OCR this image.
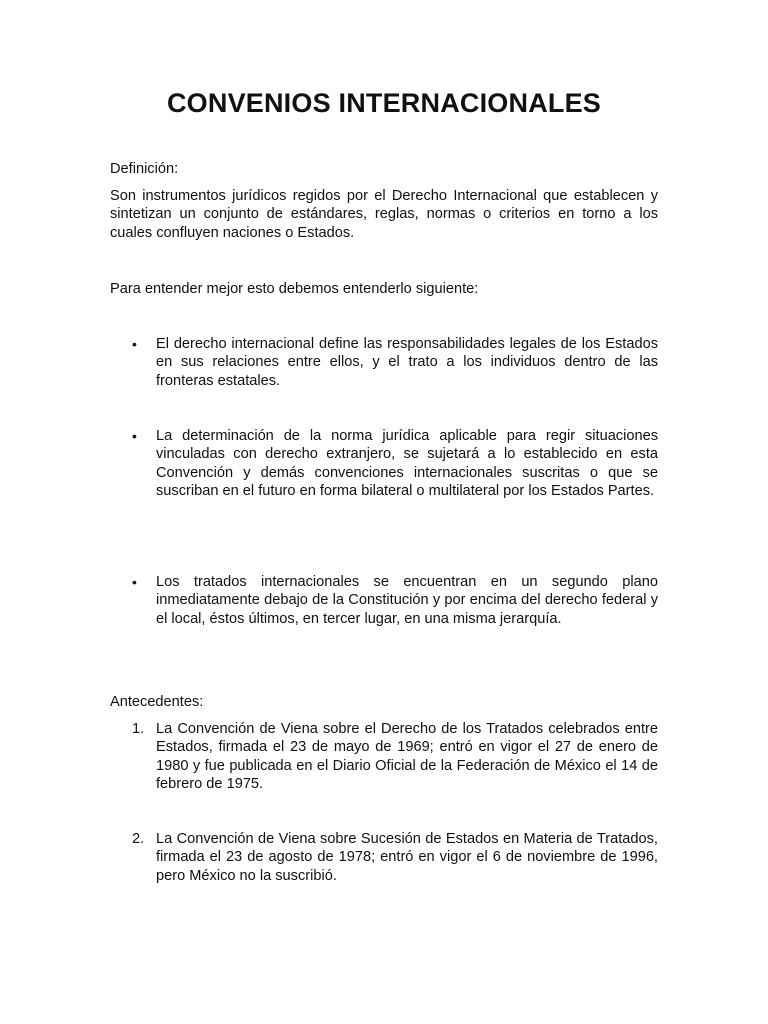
CONVENIOS INTERNACIONALES
Definición:
Son instrumentos jurídicos regidos por el Derecho Internacional que establecen y sintetizan un conjunto de estándares, reglas, normas o criterios en torno a los cuales confluyen naciones o Estados.
Para entender mejor esto debemos entenderlo siguiente:
•	El derecho internacional define las responsabilidades legales de los Estados en sus relaciones entre ellos, y el trato a los individuos dentro de las fronteras estatales.
•	La determinación de la norma jurídica aplicable para regir situaciones vinculadas con derecho extranjero, se sujetará a lo establecido en esta Convención y demás convenciones internacionales suscritas o que se suscriban en el futuro en forma bilateral o multilateral por los Estados Partes.
•	Los tratados internacionales se encuentran en un segundo plano inmediatamente debajo de la Constitución y por encima del derecho federal y el local, éstos últimos, en tercer lugar, en una misma jerarquía.
Antecedentes:
1. La Convención de Viena sobre el Derecho de los Tratados celebrados entre Estados, firmada el 23 de mayo de 1969; entró en vigor el 27 de enero de 1980 y fue publicada en el Diario Oficial de la Federación de México el 14 de febrero de 1975.
2. La Convención de Viena sobre Sucesión de Estados en Materia de Tratados, firmada el 23 de agosto de 1978; entró en vigor el 6 de noviembre de 1996, pero México no la suscribió.
